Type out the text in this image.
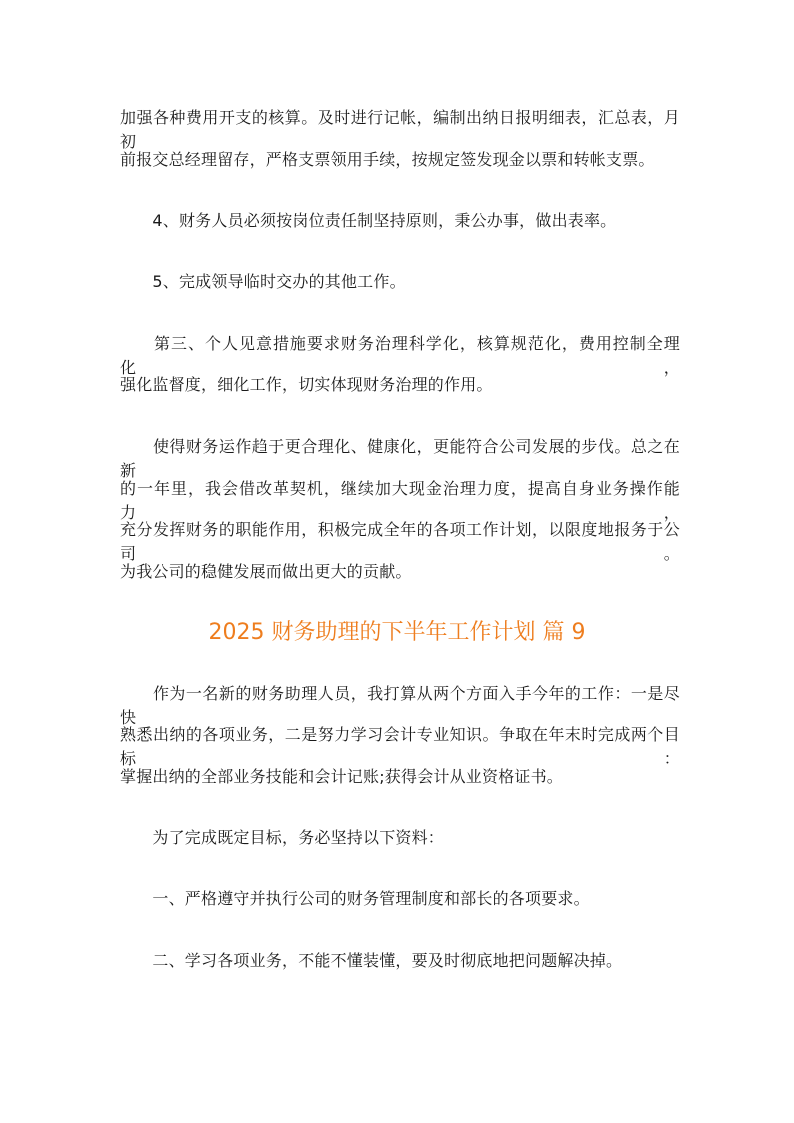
加强各种费用开支的核算。及时进行记帐，编制出纳日报明细表，汇总表，月初
前报交总经理留存，严格支票领用手续，按规定签发现金以票和转帐支票。
　　4、财务人员必须按岗位责任制坚持原则，秉公办事，做出表率。
　　5、完成领导临时交办的其他工作。
　　第三、个人见意措施要求财务治理科学化，核算规范化，费用控制全理化，
强化监督度，细化工作，切实体现财务治理的作用。
　　使得财务运作趋于更合理化、健康化，更能符合公司发展的步伐。总之在新
的一年里，我会借改革契机，继续加大现金治理力度，提高自身业务操作能力，
充分发挥财务的职能作用，积极完成全年的各项工作计划，以限度地报务于公司。
为我公司的稳健发展而做出更大的贡献。
2025 财务助理的下半年工作计划 篇 9
　　作为一名新的财务助理人员，我打算从两个方面入手今年的工作：一是尽快
熟悉出纳的各项业务，二是努力学习会计专业知识。争取在年末时完成两个目标：
掌握出纳的全部业务技能和会计记账;获得会计从业资格证书。
　　为了完成既定目标，务必坚持以下资料：
　　一、严格遵守并执行公司的财务管理制度和部长的各项要求。
　　二、学习各项业务，不能不懂装懂，要及时彻底地把问题解决掉。
